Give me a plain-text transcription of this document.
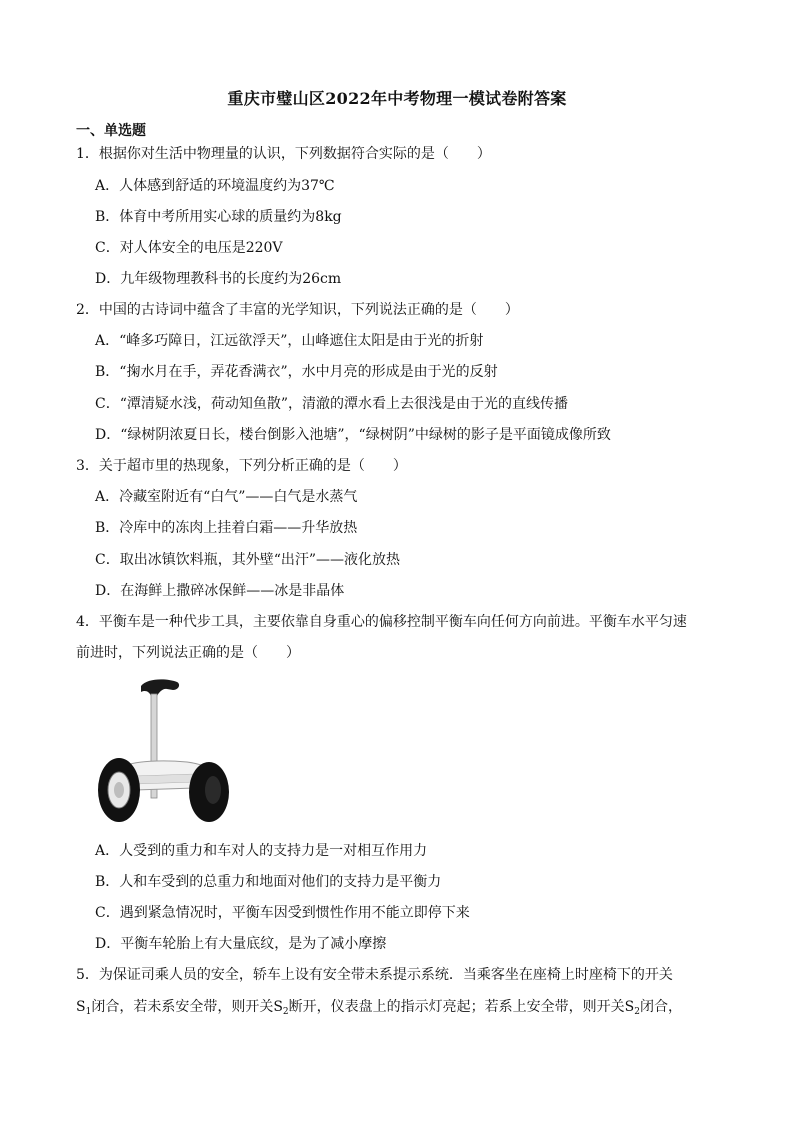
重庆市璧山区2022年中考物理一模试卷附答案
一、单选题
1．根据你对生活中物理量的认识，下列数据符合实际的是（　　）
A．人体感到舒适的环境温度约为37℃
B．体育中考所用实心球的质量约为8kg
C．对人体安全的电压是220V
D．九年级物理教科书的长度约为26cm
2．中国的古诗词中蕴含了丰富的光学知识，下列说法正确的是（　　）
A．“峰多巧障日，江远欲浮天”，山峰遮住太阳是由于光的折射
B．“掬水月在手，弄花香满衣”，水中月亮的形成是由于光的反射
C．“潭清疑水浅，荷动知鱼散”，清澈的潭水看上去很浅是由于光的直线传播
D．“绿树阴浓夏日长，楼台倒影入池塘”，“绿树阴”中绿树的影子是平面镜成像所致
3．关于超市里的热现象，下列分析正确的是（　　）
A．冷藏室附近有“白气”——白气是水蒸气
B．冷库中的冻肉上挂着白霜——升华放热
C．取出冰镇饮料瓶，其外壁“出汗”——液化放热
D．在海鲜上撒碎冰保鲜——冰是非晶体
4．平衡车是一种代步工具，主要依靠自身重心的偏移控制平衡车向任何方向前进。平衡车水平匀速
前进时，下列说法正确的是（　　）
A．人受到的重力和车对人的支持力是一对相互作用力
B．人和车受到的总重力和地面对他们的支持力是平衡力
C．遇到紧急情况时，平衡车因受到惯性作用不能立即停下来
D．平衡车轮胎上有大量底纹，是为了减小摩擦
5．为保证司乘人员的安全，轿车上设有安全带未系提示系统．当乘客坐在座椅上时座椅下的开关
$S_1$闭合，若未系安全带，则开关$S_2$断开，仪表盘上的指示灯亮起；若系上安全带，则开关$S_2$闭合，
